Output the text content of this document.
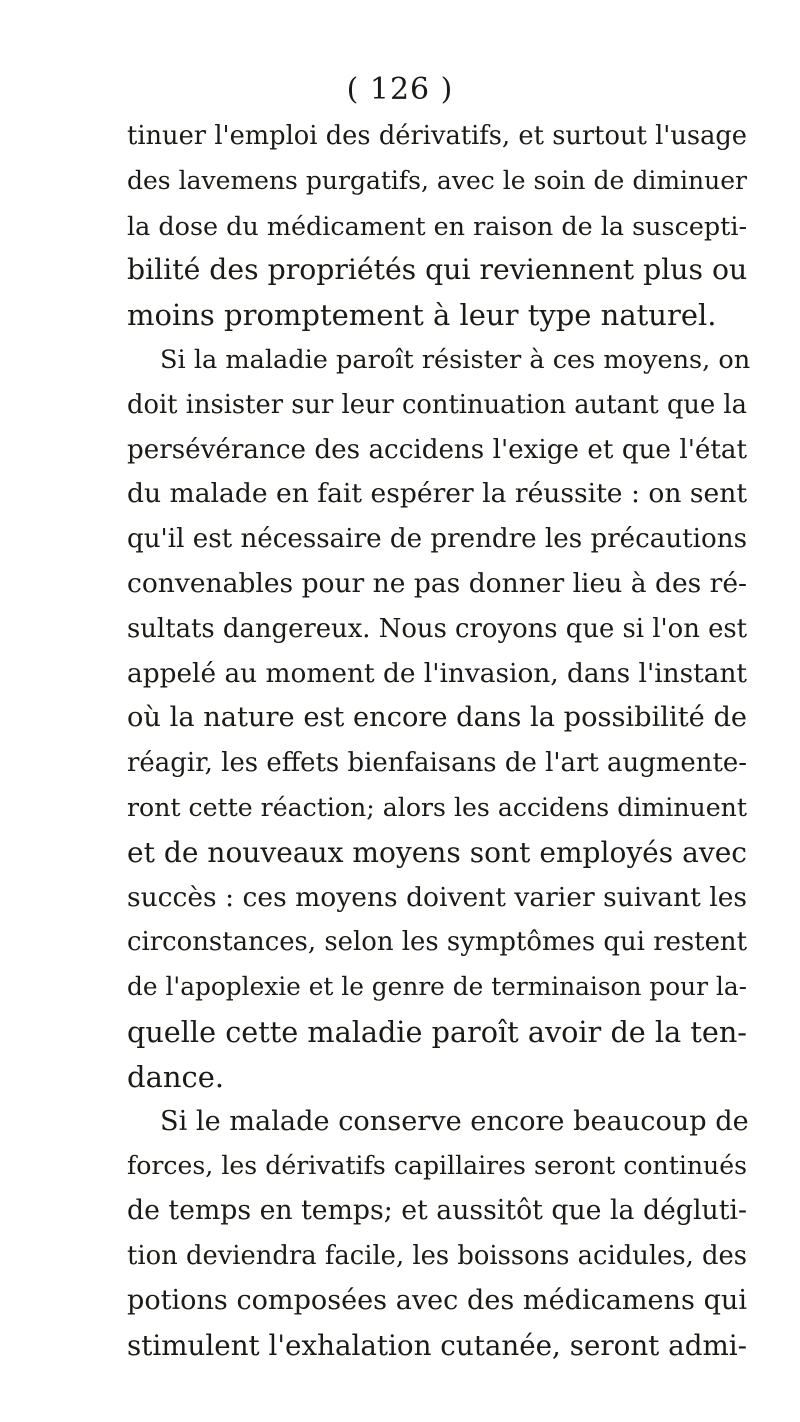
( 126 )
tinuer l'emploi des dérivatifs, et surtout l'usage
des lavemens purgatifs, avec le soin de diminuer
la dose du médicament en raison de la suscepti-
bilité des propriétés qui reviennent plus ou
moins promptement à leur type naturel.
Si la maladie paroît résister à ces moyens, on
doit insister sur leur continuation autant que la
persévérance des accidens l'exige et que l'état
du malade en fait espérer la réussite : on sent
qu'il est nécessaire de prendre les précautions
convenables pour ne pas donner lieu à des ré-
sultats dangereux. Nous croyons que si l'on est
appelé au moment de l'invasion, dans l'instant
où la nature est encore dans la possibilité de
réagir, les effets bienfaisans de l'art augmente-
ront cette réaction; alors les accidens diminuent
et de nouveaux moyens sont employés avec
succès : ces moyens doivent varier suivant les
circonstances, selon les symptômes qui restent
de l'apoplexie et le genre de terminaison pour la-
quelle cette maladie paroît avoir de la ten-
dance.
Si le malade conserve encore beaucoup de
forces, les dérivatifs capillaires seront continués
de temps en temps; et aussitôt que la dégluti-
tion deviendra facile, les boissons acidules, des
potions composées avec des médicamens qui
stimulent l'exhalation cutanée, seront admi-
